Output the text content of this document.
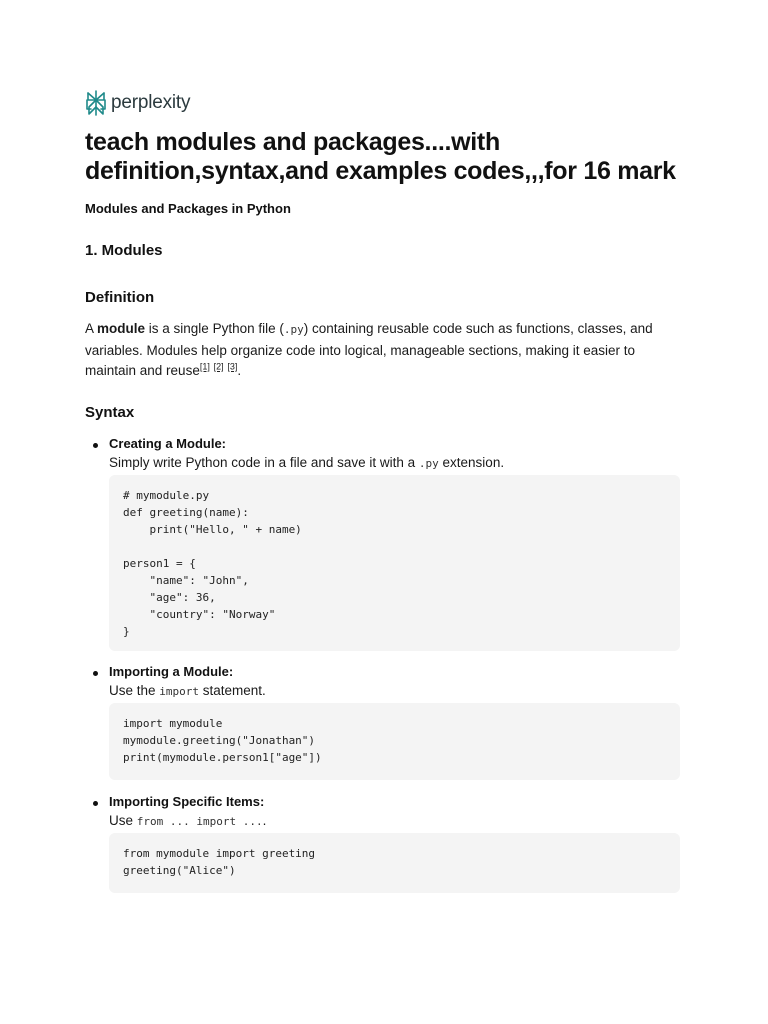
perplexity
teach modules and packages....with definition,syntax,and examples codes,,,for 16 mark

Modules and Packages in Python

1. Modules
Definition

A module is a single Python file (.py) containing reusable code such as functions, classes, and variables. Modules help organize code into logical, manageable sections, making it easier to maintain and reuse[1] [2] [3].

Syntax

Creating a Module:

Simply write Python code in a file and save it with a .py extension.

# mymodule.py
def greeting(name):
print("Hello, " + name)

person1 = {
"name": "John",
"age": 36,
"country": "Norway"
}

Importing a Module:

Use the import statement.

import mymodule
mymodule.greeting("Jonathan")
print(mymodule.person1["age"])

Importing Specific Items:

Use from ... import ....

from mymodule import greeting
greeting("Alice")
